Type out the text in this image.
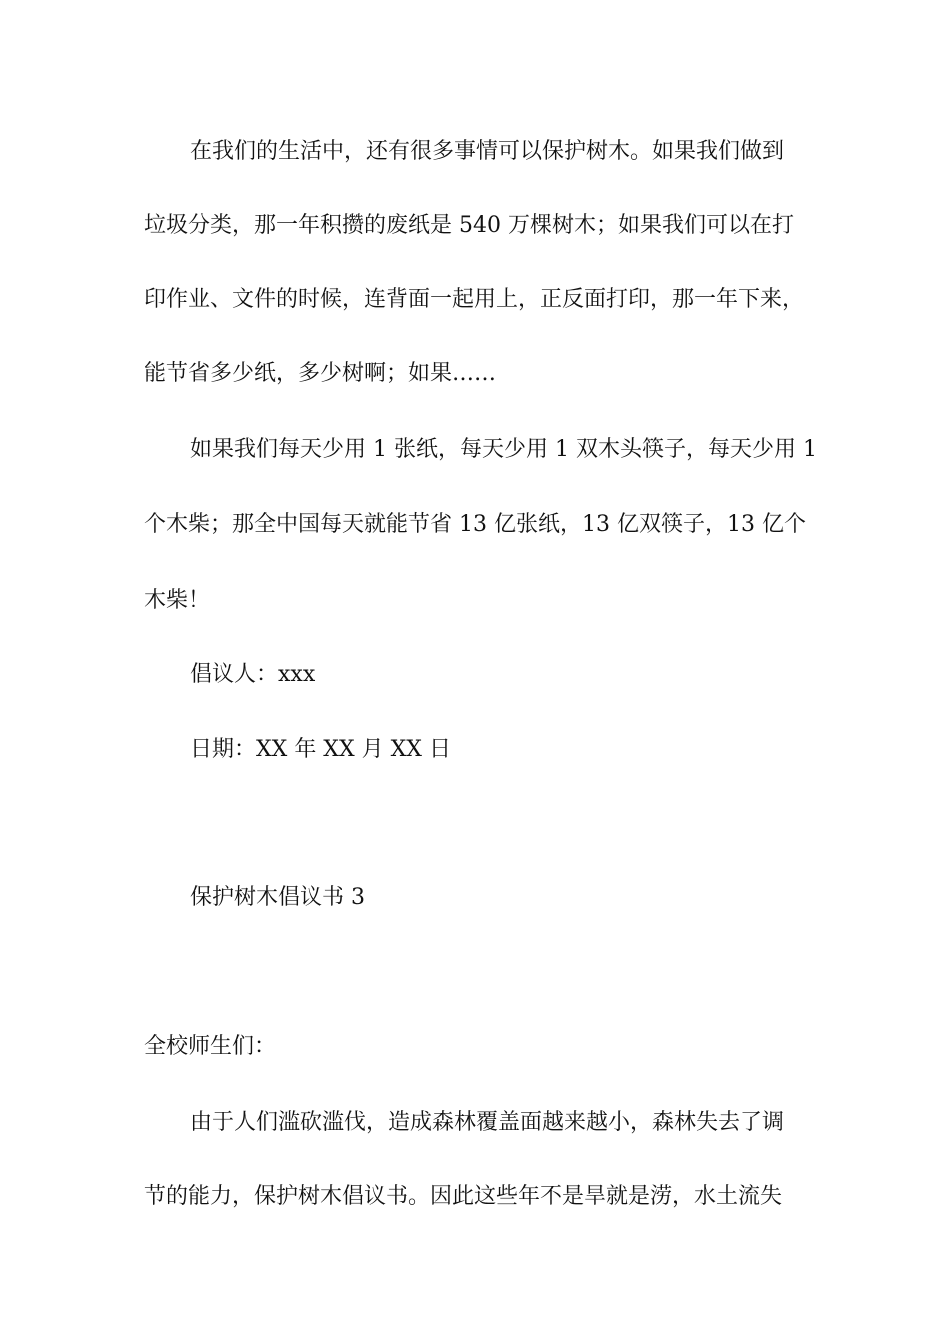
在我们的生活中，还有很多事情可以保护树木。如果我们做到
垃圾分类，那一年积攒的废纸是 540 万棵树木；如果我们可以在打
印作业、文件的时候，连背面一起用上，正反面打印，那一年下来，
能节省多少纸，多少树啊；如果……
如果我们每天少用 1 张纸，每天少用 1 双木头筷子，每天少用 1
个木柴；那全中国每天就能节省 13 亿张纸，13 亿双筷子，13 亿个
木柴！
倡议人：xxx
日期：XX 年 XX 月 XX 日
保护树木倡议书 3
全校师生们：
由于人们滥砍滥伐，造成森林覆盖面越来越小，森林失去了调
节的能力，保护树木倡议书。因此这些年不是旱就是涝，水土流失
